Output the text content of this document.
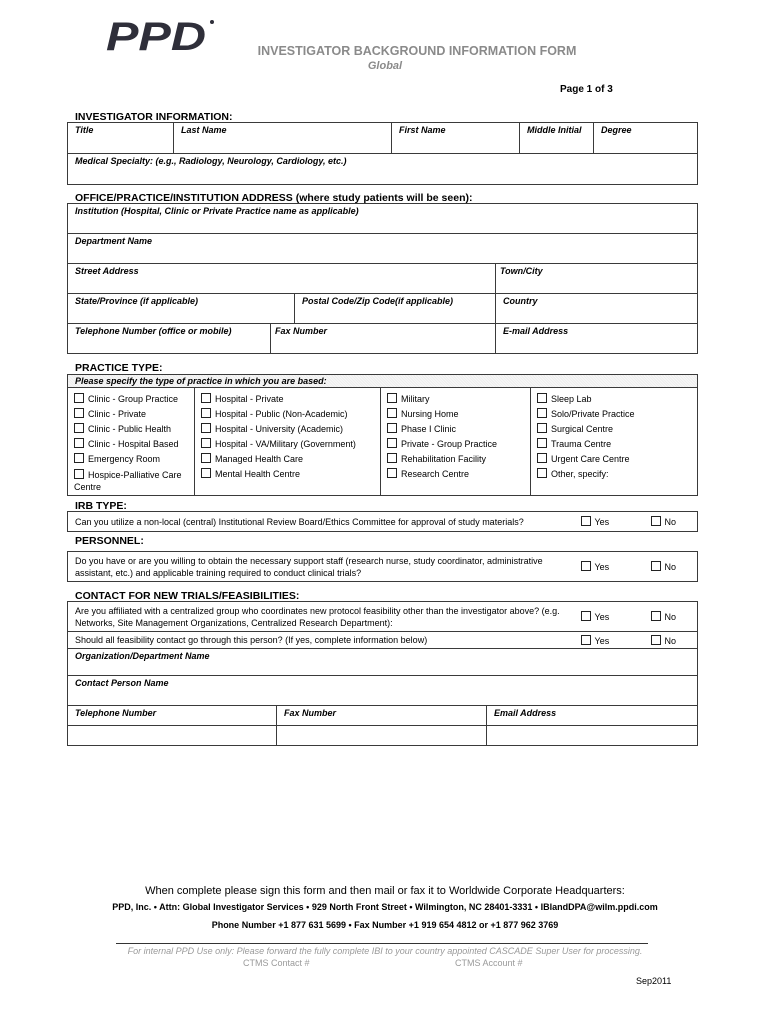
PPD	INVESTIGATOR BACKGROUND INFORMATION FORM
Global
Page 1 of 3
INVESTIGATOR INFORMATION:
Title	Last Name	First Name	Middle Initial	Degree
Medical Specialty: (e.g., Radiology, Neurology, Cardiology, etc.)
OFFICE/PRACTICE/INSTITUTION ADDRESS (where study patients will be seen):
Institution (Hospital, Clinic or Private Practice name as applicable)			
Department Name			
Street Address			Town/City
State/Province (if applicable)		Postal Code/Zip Code(if applicable)	Country
Telephone Number (office or mobile)	Fax Number		E-mail Address
PRACTICE TYPE:
Please specify the type of practice in which you are based:

Clinic - Group Practice
Clinic - Private
Clinic - Public Health
Clinic - Hospital Based
Emergency Room
Hospice-Palliative Care Centre

Hospital - Private
Hospital - Public (Non-Academic)
Hospital - University (Academic)
Hospital - VA/Military (Government)
Managed Health Care
Mental Health Centre

Military
Nursing Home
Phase I Clinic
Private - Group Practice
Rehabilitation Facility
Research Centre

Sleep Lab
Solo/Private Practice
Surgical Centre
Trauma Centre
Urgent Care Centre
Other, specify:
IRB TYPE:
Can you utilize a non-local (central) Institutional Review Board/Ethics Committee for approval of study materials?	Yes	No
PERSONNEL:
Do you have or are you willing to obtain the necessary support staff (research nurse, study coordinator, administrative assistant, etc.) and applicable training required to conduct clinical trials?	Yes	No
CONTACT FOR NEW TRIALS/FEASIBILITIES:
Are you affiliated with a centralized group who coordinates new protocol feasibility other than the investigator above? (e.g. Networks, Site Management Organizations, Centralized Research Department):			Yes	No
Should all feasibility contact go through this person? (If yes, complete information below)			Yes	No
Organization/Department Name				
Contact Person Name				
Telephone Number	Fax Number	Email Address		

When complete please sign this form and then mail or fax it to Worldwide Corporate Headquarters:
PPD, Inc. • Attn: Global Investigator Services • 929 North Front Street • Wilmington, NC 28401-3331 • IBlandDPA@wilm.ppdi.com
Phone Number +1 877 631 5699 • Fax Number +1 919 654 4812 or +1 877 962 3769
For internal PPD Use only: Please forward the fully complete IBI to your country appointed CASCADE Super User for processing.
CTMS Contact #	CTMS Account #
Sep2011
